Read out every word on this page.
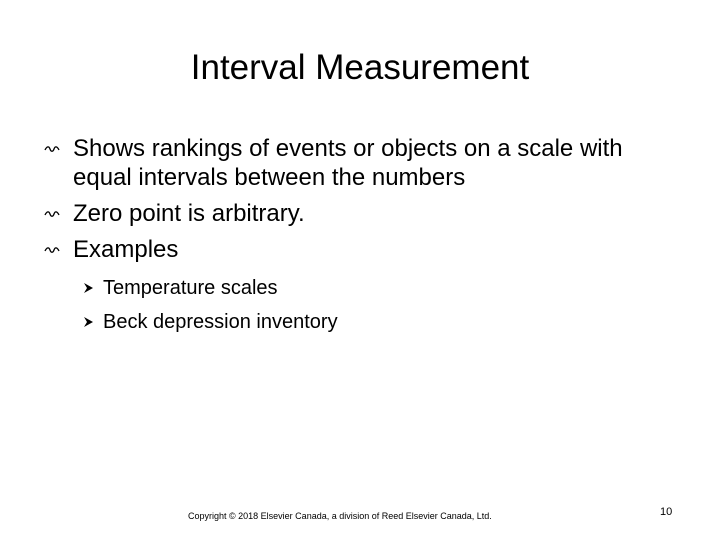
Interval Measurement
Shows rankings of events or objects on a scale with equal intervals between the numbers
Zero point is arbitrary.
Examples
Temperature scales
Beck depression inventory
Copyright © 2018 Elsevier Canada, a division of Reed Elsevier Canada, Ltd.	10
